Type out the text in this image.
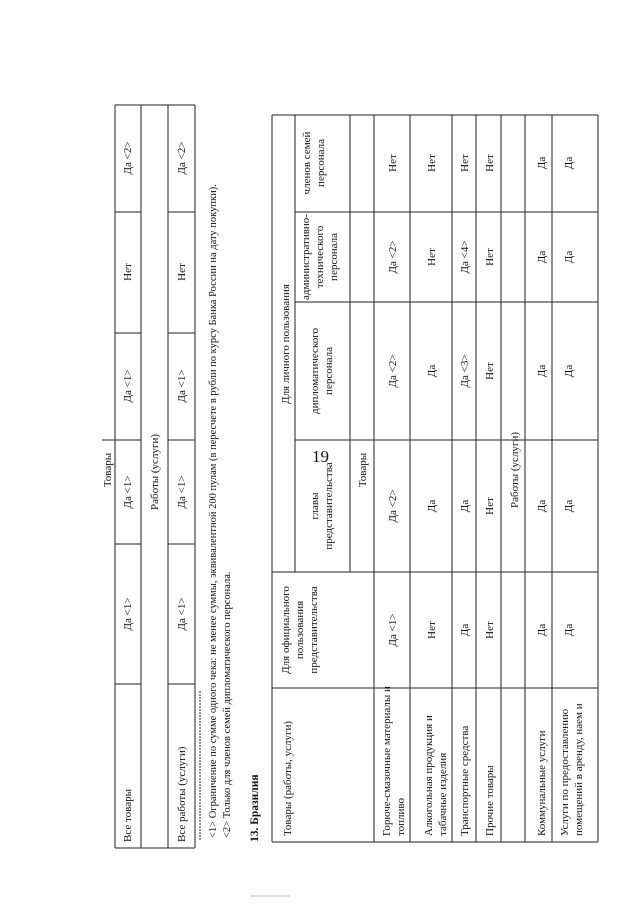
19
Товары
Все товары
Да <1>
Да <1>
Да <1>
Нет
Да <2>
Работы (услуги)
Все работы (услуги)
Да <1>
Да <1>
Да <1>
Нет
Да <2>
<1> Ограничение по сумме одного чека: не менее суммы, эквивалентной 200 пулам (в пересчете в рубли по курсу Банка России на дату покупки). <2> Только для членов семей дипломатического персонала. 13. Бразилия Товары (работы, услуги)
Для официального пользования представительства
Для личного пользования
главы представительства
дипломатического персонала
административно- технического персонала
членов семей персонала
Товары
Горюче-смазочные материалы и топливо Алкогольная продукция и табачные изделия Транспортные средства Прочие товары
Работы (услуги)
Коммунальные услуги Услуги по предоставлению помещений в аренду, наем и
Да <1>
Да <2>
Да <2>
Да <2>
Нет
Нет
Да
Да
Нет
Нет
Да
Да
Да <3>
Да <4>
Нет
Нет
Нет
Нет
Нет
Нет
Да
Да
Да
Да
Да
Да
Да
Да
Да
Да
